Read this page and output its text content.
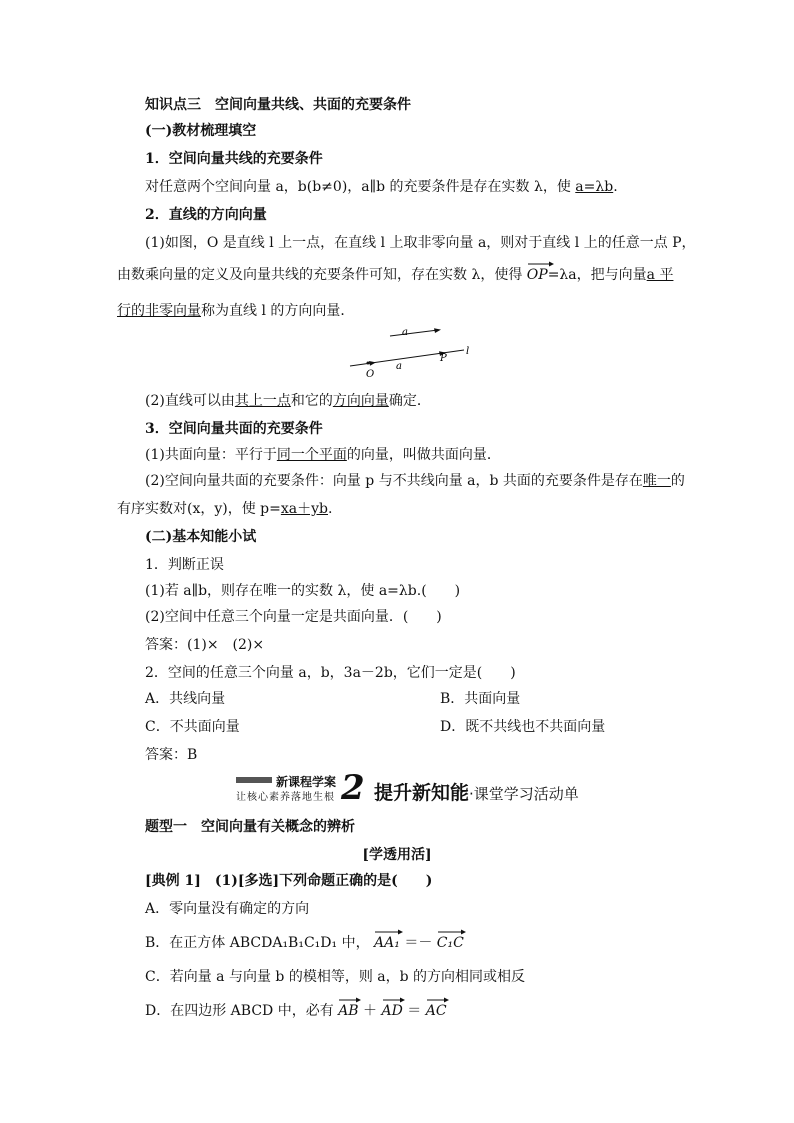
知识点三　空间向量共线、共面的充要条件
(一)教材梳理填空
1．空间向量共线的充要条件
对任意两个空间向量 a，b(b≠0)，a∥b 的充要条件是存在实数 λ，使 a=λb.
2．直线的方向向量
(1)如图，O 是直线 l 上一点，在直线 l 上取非零向量 a，则对于直线 l 上的任意一点 P，
由数乘向量的定义及向量共线的充要条件可知，存在实数 λ，使得 OP
=λa，把与向量a 平
行的非零向量称为直线 l 的方向向量．
a
a
O
P
l
(2)直线可以由其上一点和它的方向向量确定．
3．空间向量共面的充要条件
(1)共面向量：平行于同一个平面的向量，叫做共面向量．
(2)空间向量共面的充要条件：向量 p 与不共线向量 a，b 共面的充要条件是存在唯一的
有序实数对(x，y)，使 p=xa＋yb.
(二)基本知能小试
1．判断正误
(1)若 a∥b，则存在唯一的实数 λ，使 a=λb.(　　)
(2)空间中任意三个向量一定是共面向量．(　　)
答案：(1)×　(2)×
2．空间的任意三个向量 a，b，3a－2b，它们一定是(　　)
A．共线向量	B．共面向量
C．不共面向量	D．既不共线也不共面向量
答案：B
新课程学案
让核心素养落地生根 2 提升新知能·课堂学习活动单
题型一　空间向量有关概念的辨析
[学透用活]
[典例 1]　(1)[多选]下列命题正确的是(　　)
A．零向量没有确定的方向
B．在正方体 ABCDA₁B₁C₁D₁ 中， AA₁ ＝－ C₁C
C．若向量 a 与向量 b 的模相等，则 a，b 的方向相同或相反
D．在四边形 ABCD 中，必有 AB ＋ AD ＝ AC
